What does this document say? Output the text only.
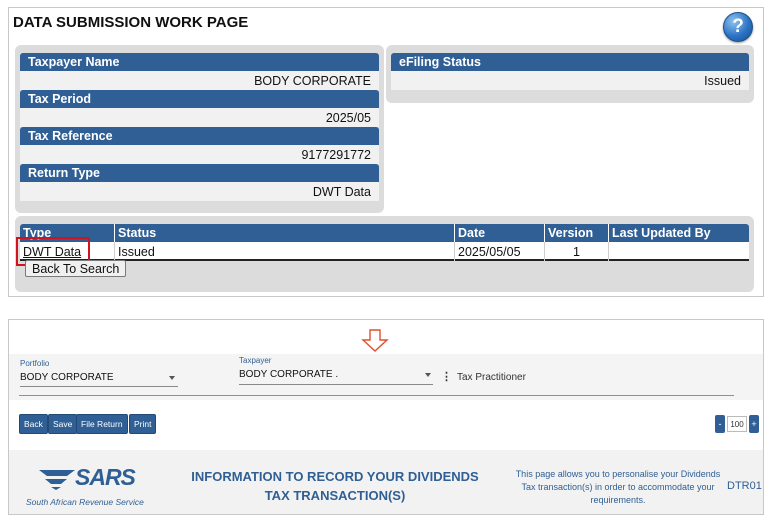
DATA SUBMISSION WORK PAGE	?
Taxpayer Name
BODY CORPORATE
Tax Period
2025/05
Tax Reference
9177291772
Return Type
DWT Data
eFiling Status
Issued
Type	Status	Date	Version	Last Updated By
DWT Data	Issued	2025/05/05	1
Back To Search
Portfolio
BODY CORPORATE
Taxpayer
BODY CORPORATE .	⋮ Tax Practitioner
Back	Save	File Return	Print	-	100 +
SARS
South African Revenue Service
INFORMATION TO RECORD YOUR DIVIDENDS
TAX TRANSACTION(S)
This page allows you to personalise your Dividends
Tax transaction(s) in order to accommodate your
requirements.
DTR01
